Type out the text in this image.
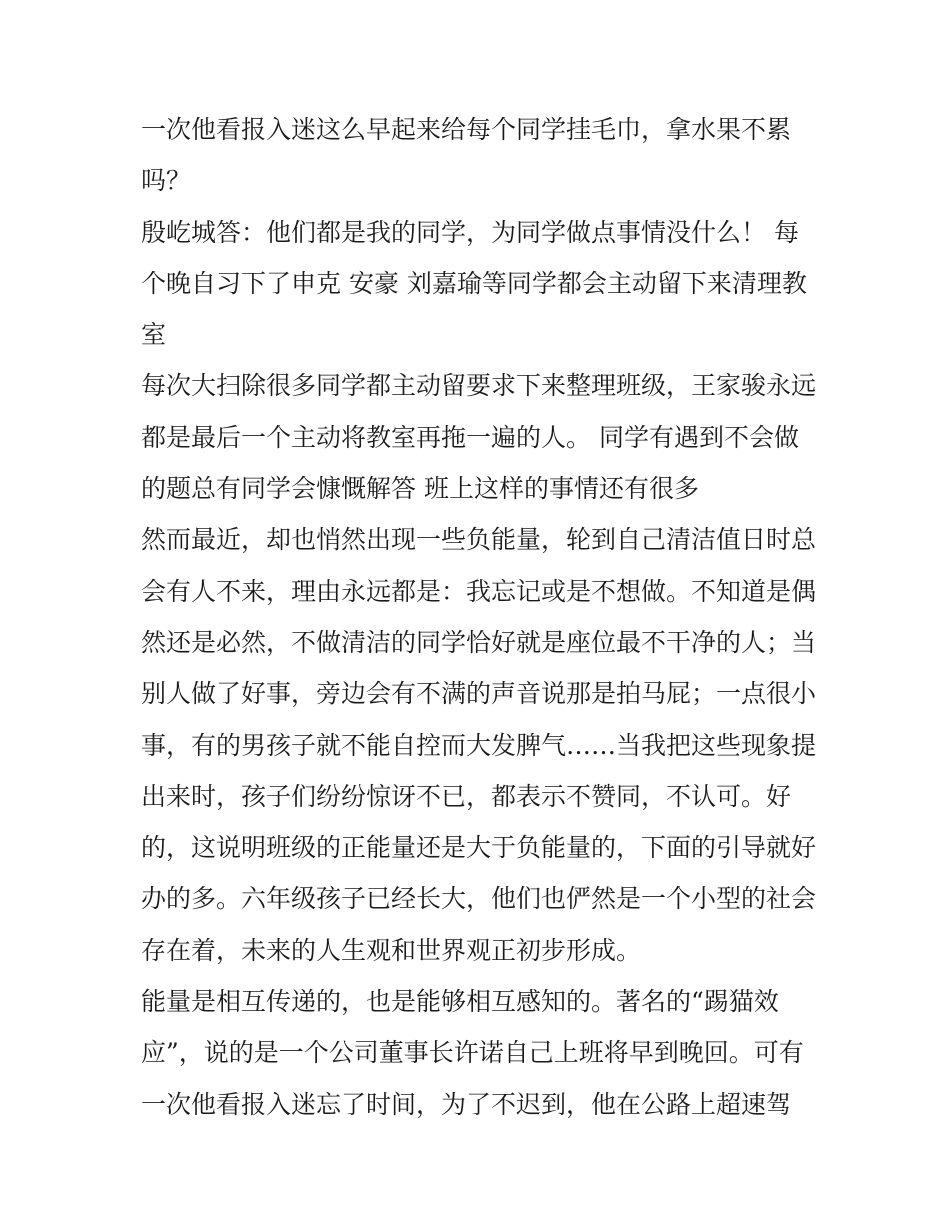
一次他看报入迷这么早起来给每个同学挂毛巾，拿水果不累
吗？
殷屹城答：他们都是我的同学，为同学做点事情没什么！ 每
个晚自习下了申克 安豪 刘嘉瑜等同学都会主动留下来清理教
室
每次大扫除很多同学都主动留要求下来整理班级，王家骏永远
都是最后一个主动将教室再拖一遍的人。 同学有遇到不会做
的题总有同学会慷慨解答 班上这样的事情还有很多
然而最近，却也悄然出现一些负能量，轮到自己清洁值日时总
会有人不来，理由永远都是：我忘记或是不想做。不知道是偶
然还是必然，不做清洁的同学恰好就是座位最不干净的人；当
别人做了好事，旁边会有不满的声音说那是拍马屁；一点很小
事，有的男孩子就不能自控而大发脾气……当我把这些现象提
出来时，孩子们纷纷惊讶不已，都表示不赞同，不认可。好
的，这说明班级的正能量还是大于负能量的，下面的引导就好
办的多。六年级孩子已经长大，他们也俨然是一个小型的社会
存在着，未来的人生观和世界观正初步形成。
能量是相互传递的，也是能够相互感知的。著名的“踢猫效
应”，说的是一个公司董事长许诺自己上班将早到晚回。可有
一次他看报入迷忘了时间，为了不迟到，他在公路上超速驾
